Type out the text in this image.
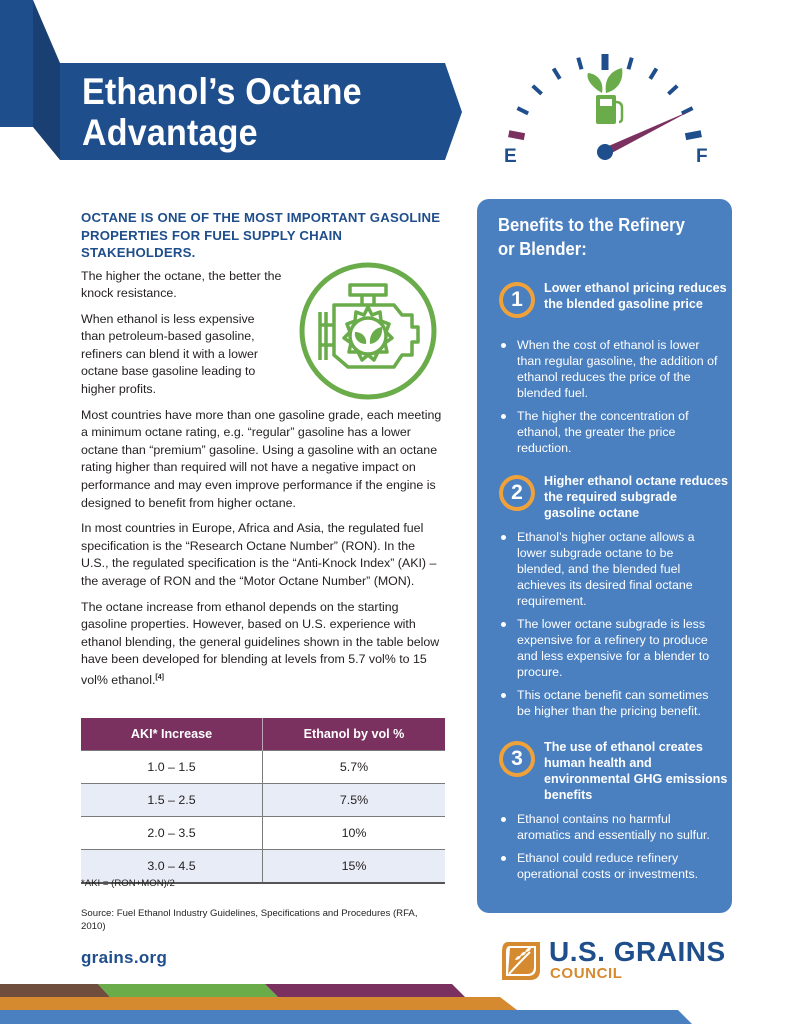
Ethanol’s Octane
Advantage
E	F
OCTANE IS ONE OF THE MOST IMPORTANT GASOLINE PROPERTIES FOR FUEL SUPPLY CHAIN STAKEHOLDERS.

The higher the octane, the better the knock resistance.

When ethanol is less expensive than petroleum-based gasoline, refiners can blend it with a lower octane base gasoline leading to higher profits.

Most countries have more than one gasoline grade, each meeting a minimum octane rating, e.g. “regular” gasoline has a lower octane than “premium” gasoline. Using a gasoline with an octane rating higher than required will not have a negative impact on performance and may even improve performance if the engine is designed to benefit from higher octane.

In most countries in Europe, Africa and Asia, the regulated fuel specification is the “Research Octane Number” (RON). In the U.S., the regulated specification is the “Anti-Knock Index” (AKI) – the average of RON and the “Motor Octane Number” (MON).

The octane increase from ethanol depends on the starting gasoline properties. However, based on U.S. experience with ethanol blending, the general guidelines shown in the table below have been developed for blending at levels from 5.7 vol% to 15 vol% ethanol.[4]

AKI* Increase	Ethanol by vol %
1.0 – 1.5	5.7%
1.5 – 2.5	7.5%
2.0 – 3.5	10%
3.0 – 4.5	15%
*AKI = (RON+MON)/2
Source: Fuel Ethanol Industry Guidelines, Specifications and Procedures (RFA, 2010)
grains.org
Benefits to the Refinery or Blender:
1	Lower ethanol pricing reduces the blended gasoline price
When the cost of ethanol is lower than regular gasoline, the addition of ethanol reduces the price of the blended fuel.
The higher the concentration of ethanol, the greater the price reduction.
2	Higher ethanol octane reduces the required subgrade gasoline octane
Ethanol’s higher octane allows a lower subgrade octane to be blended, and the blended fuel achieves its desired final octane requirement.
The lower octane subgrade is less expensive for a refinery to produce and less expensive for a blender to procure.
This octane benefit can sometimes be higher than the pricing benefit.
3	The use of ethanol creates human health and environmental GHG emissions benefits
Ethanol contains no harmful aromatics and essentially no sulfur.
Ethanol could reduce refinery operational costs or investments.
U.S. GRAINS
COUNCIL
